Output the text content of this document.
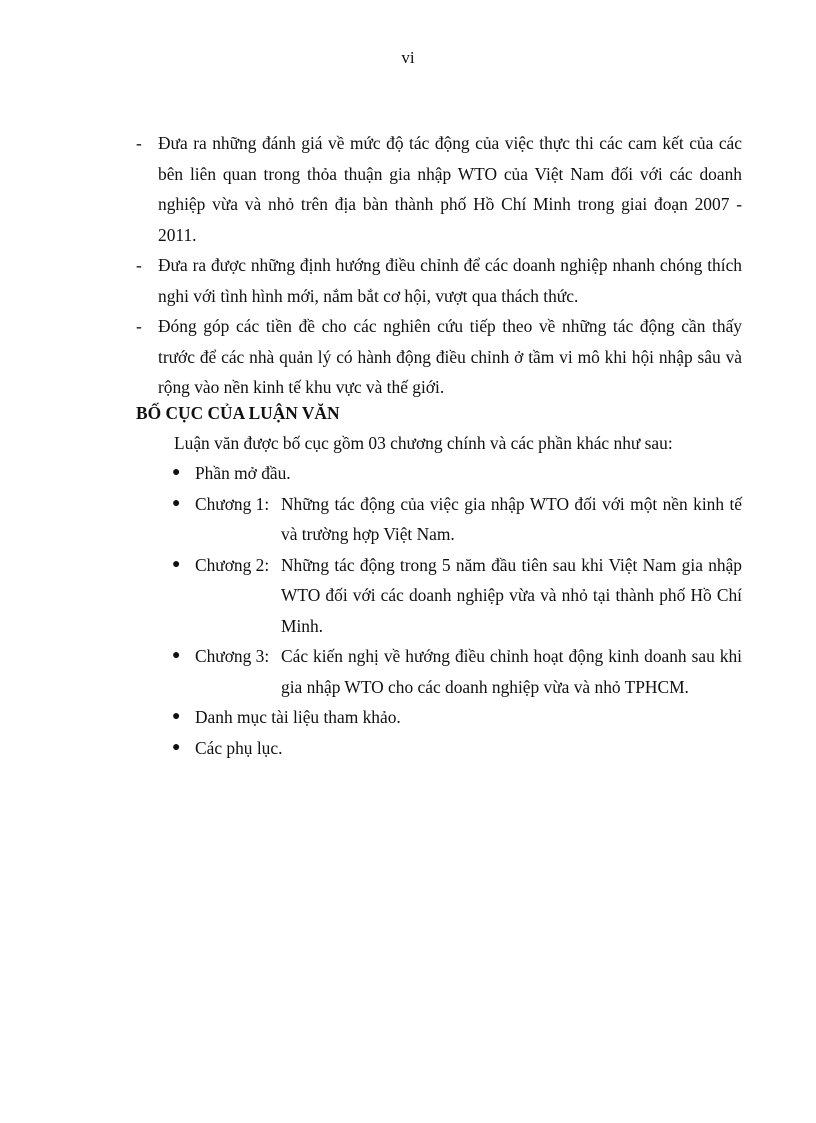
vi
- Đưa ra những đánh giá về mức độ tác động của việc thực thi các cam kết của các bên liên quan trong thỏa thuận gia nhập WTO của Việt Nam đối với các doanh nghiệp vừa và nhỏ trên địa bàn thành phố Hồ Chí Minh trong giai đoạn 2007 - 2011.
- Đưa ra được những định hướng điều chỉnh để các doanh nghiệp nhanh chóng thích nghi với tình hình mới, nắm bắt cơ hội, vượt qua thách thức.
- Đóng góp các tiền đề cho các nghiên cứu tiếp theo về những tác động cần thấy trước để các nhà quản lý có hành động điều chỉnh ở tầm vi mô khi hội nhập sâu và rộng vào nền kinh tế khu vực và thế giới.
BỐ CỤC CỦA LUẬN VĂN
Luận văn được bố cục gồm 03 chương chính và các phần khác như sau:
● Phần mở đầu.
● Chương 1: Những tác động của việc gia nhập WTO đối với một nền kinh tế và trường hợp Việt Nam.
● Chương 2: Những tác động trong 5 năm đầu tiên sau khi Việt Nam gia nhập WTO đối với các doanh nghiệp vừa và nhỏ tại thành phố Hồ Chí Minh.
● Chương 3: Các kiến nghị về hướng điều chỉnh hoạt động kinh doanh sau khi gia nhập WTO cho các doanh nghiệp vừa và nhỏ TPHCM.
● Danh mục tài liệu tham khảo.
● Các phụ lục.
